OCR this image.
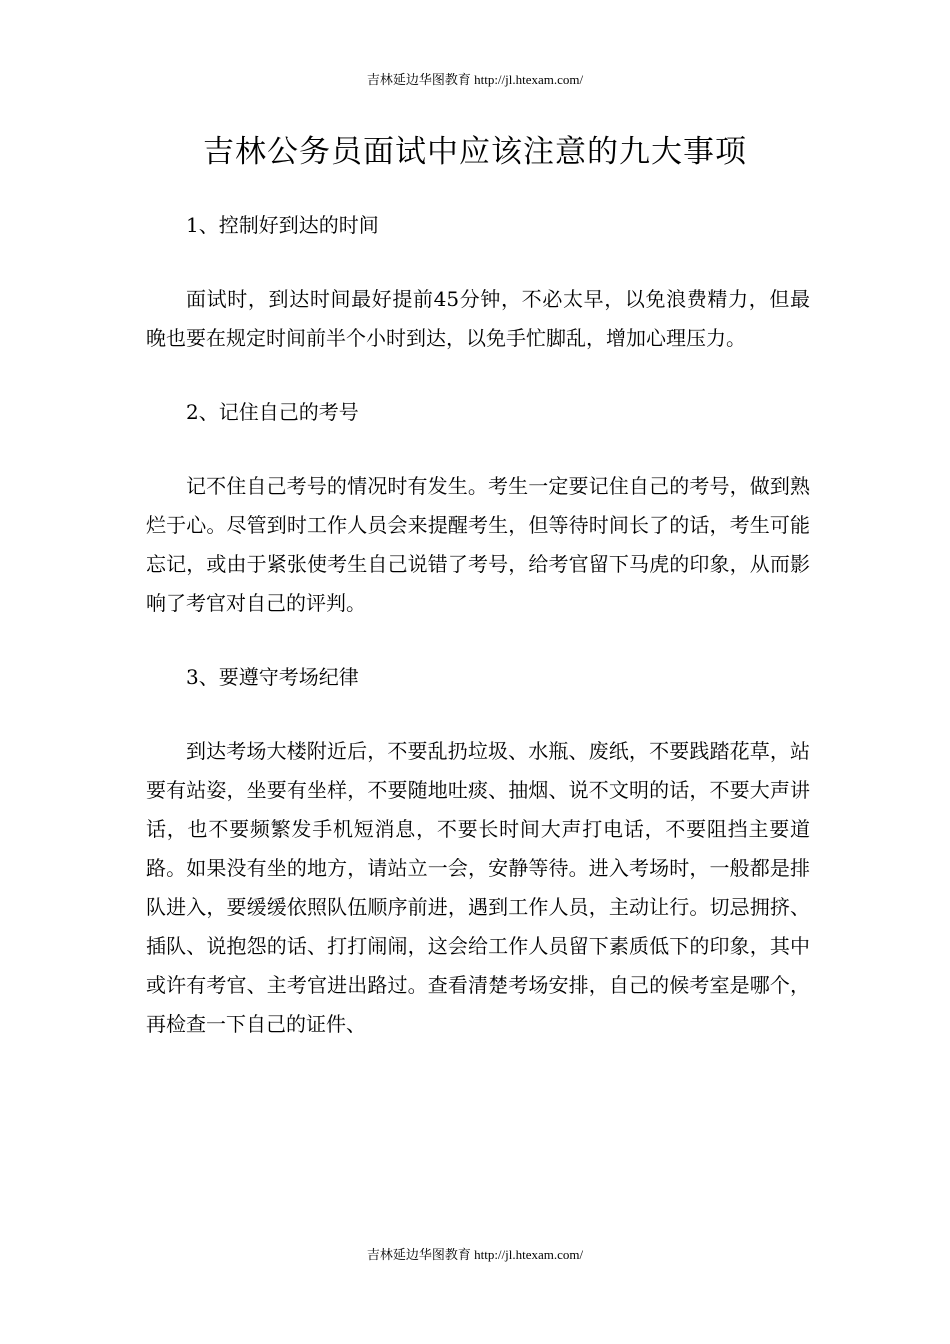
吉林延边华图教育 http://jl.htexam.com/
吉林公务员面试中应该注意的九大事项
1、控制好到达的时间

面试时，到达时间最好提前45分钟，不必太早，以免浪费精力，但最晚也要在规定时间前半个小时到达，以免手忙脚乱，增加心理压力。

2、记住自己的考号

记不住自己考号的情况时有发生。考生一定要记住自己的考号，做到熟烂于心。尽管到时工作人员会来提醒考生，但等待时间长了的话，考生可能忘记，或由于紧张使考生自己说错了考号，给考官留下马虎的印象，从而影响了考官对自己的评判。

3、要遵守考场纪律

到达考场大楼附近后，不要乱扔垃圾、水瓶、废纸，不要践踏花草，站要有站姿，坐要有坐样，不要随地吐痰、抽烟、说不文明的话，不要大声讲话，也不要频繁发手机短消息，不要长时间大声打电话，不要阻挡主要道路。如果没有坐的地方，请站立一会，安静等待。进入考场时，一般都是排队进入，要缓缓依照队伍顺序前进，遇到工作人员，主动让行。切忌拥挤、插队、说抱怨的话、打打闹闹，这会给工作人员留下素质低下的印象，其中或许有考官、主考官进出路过。查看清楚考场安排，自己的候考室是哪个，再检查一下自己的证件、

吉林延边华图教育 http://jl.htexam.com/
